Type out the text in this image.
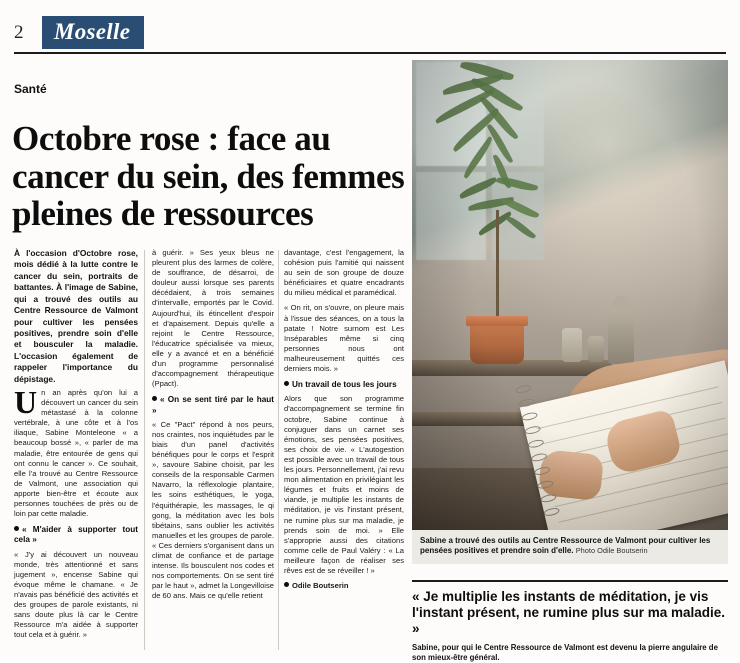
2	Moselle
Santé
Octobre rose : face au cancer du sein, des femmes pleines de ressources
À l'occasion d'Octobre rose, mois dédié à la lutte contre le cancer du sein, portraits de battantes. À l'image de Sabine, qui a trouvé des outils au Centre Ressource de Valmont pour cultiver les pensées positives, prendre soin d'elle et bousculer la maladie. L'occasion également de rappeler l'importance du dépistage.

Un an après qu'on lui a découvert un cancer du sein métastasé à la colonne vertébrale, à une côte et à l'os iliaque, Sabine Monteleone « a beaucoup bossé », « parler de ma maladie, être entourée de gens qui ont connu le cancer ». Ce souhait, elle l'a trouvé au Centre Ressource de Valmont, une association qui apporte bien-être et écoute aux personnes touchées de près ou de loin par cette maladie.

« M'aider à supporter tout cela »

« J'y ai découvert un nouveau monde, très attentionné et sans jugement », encense Sabine qui évoque même le chamane. « Je n'avais pas bénéficié des activités et des groupes de parole existants, ni sans doute plus là car le Centre Ressource m'a aidée à supporter tout cela et à guérir. »

à guérir. » Ses yeux bleus ne pleurent plus des larmes de colère, de souffrance, de désarroi, de douleur aussi lorsque ses parents décédaient, à trois semaines d'intervalle, emportés par le Covid. Aujourd'hui, ils étincellent d'espoir et d'apaisement. Depuis qu'elle a rejoint le Centre Ressource, l'éducatrice spécialisée va mieux, elle y a avancé et en a bénéficié d'un programme personnalisé d'accompagnement thérapeutique (Ppact).

« On se sent tiré par le haut »

« Ce "Pact" répond à nos peurs, nos craintes, nos inquiétudes par le biais d'un panel d'activités bénéfiques pour le corps et l'esprit », savoure Sabine choisit, par les conseils de la responsable Carmen Navarro, la réflexologie plantaire, les soins esthétiques, le yoga, l'équithérapie, les massages, le qi gong, la méditation avec les bols tibétains, sans oublier les activités manuelles et les groupes de parole. « Ces derniers s'organisent dans un climat de confiance et de partage intense. Ils bousculent nos codes et nos comportements. On se sent tiré par le haut », admet la Longevilloise de 60 ans. Mais ce qu'elle retient

davantage, c'est l'engagement, la cohésion puis l'amitié qui naissent au sein de son groupe de douze bénéficiaires et quatre encadrants du milieu médical et paramédical.

« On rit, on s'ouvre, on pleure mais à l'issue des séances, on a tous la patate ! Notre surnom est Les Inséparables même si cinq personnes nous ont malheureusement quittés ces derniers mois. »

Un travail de tous les jours

Alors que son programme d'accompagnement se termine fin octobre, Sabine continue à conjuguer dans un carnet ses émotions, ses pensées positives, ses choix de vie. « L'autogestion est possible avec un travail de tous les jours. Personnellement, j'ai revu mon alimentation en privilégiant les légumes et fruits et moins de viande, je multiplie les instants de méditation, je vis l'instant présent, ne rumine plus sur ma maladie, je prends soin de moi. » Elle s'approprie aussi des citations comme celle de Paul Valéry : « La meilleure façon de réaliser ses rêves est de se réveiller ! »

Odile Boutserin
Sabine a trouvé des outils au Centre Ressource de Valmont pour cultiver les pensées positives et prendre soin d'elle. Photo Odile Boutserin

« Je multiplie les instants de méditation, je vis l'instant présent, ne rumine plus sur ma maladie. »

Sabine, pour qui le Centre Ressource de Valmont est devenu la pierre angulaire de son mieux-être général.
